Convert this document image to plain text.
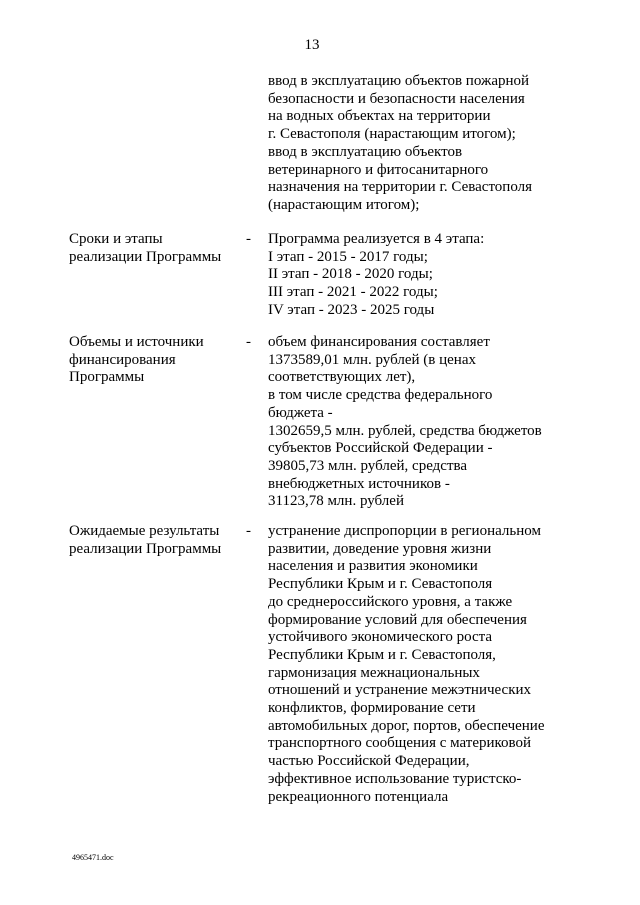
13
ввод в эксплуатацию объектов пожарной
безопасности и безопасности населения
на водных объектах на территории
г. Севастополя (нарастающим итогом);
ввод в эксплуатацию объектов
ветеринарного и фитосанитарного
назначения на территории г. Севастополя
(нарастающим итогом);
Сроки и этапы
реализации Программы
- Программа реализуется в 4 этапа:
I этап - 2015 - 2017 годы;
II этап - 2018 - 2020 годы;
III этап - 2021 - 2022 годы;
IV этап - 2023 - 2025 годы
Объемы и источники
финансирования
Программы
- объем финансирования составляет
1373589,01 млн. рублей (в ценах
соответствующих лет),
в том числе средства федерального
бюджета -
1302659,5 млн. рублей, средства бюджетов
субъектов Российской Федерации -
39805,73 млн. рублей, средства
внебюджетных источников -
31123,78 млн. рублей
Ожидаемые результаты
реализации Программы
- устранение диспропорции в региональном
развитии, доведение уровня жизни
населения и развития экономики
Республики Крым и г. Севастополя
до среднероссийского уровня, а также
формирование условий для обеспечения
устойчивого экономического роста
Республики Крым и г. Севастополя,
гармонизация межнациональных
отношений и устранение межэтнических
конфликтов, формирование сети
автомобильных дорог, портов, обеспечение
транспортного сообщения с материковой
частью Российской Федерации,
эффективное использование туристско-
рекреационного потенциала
4965471.doc
